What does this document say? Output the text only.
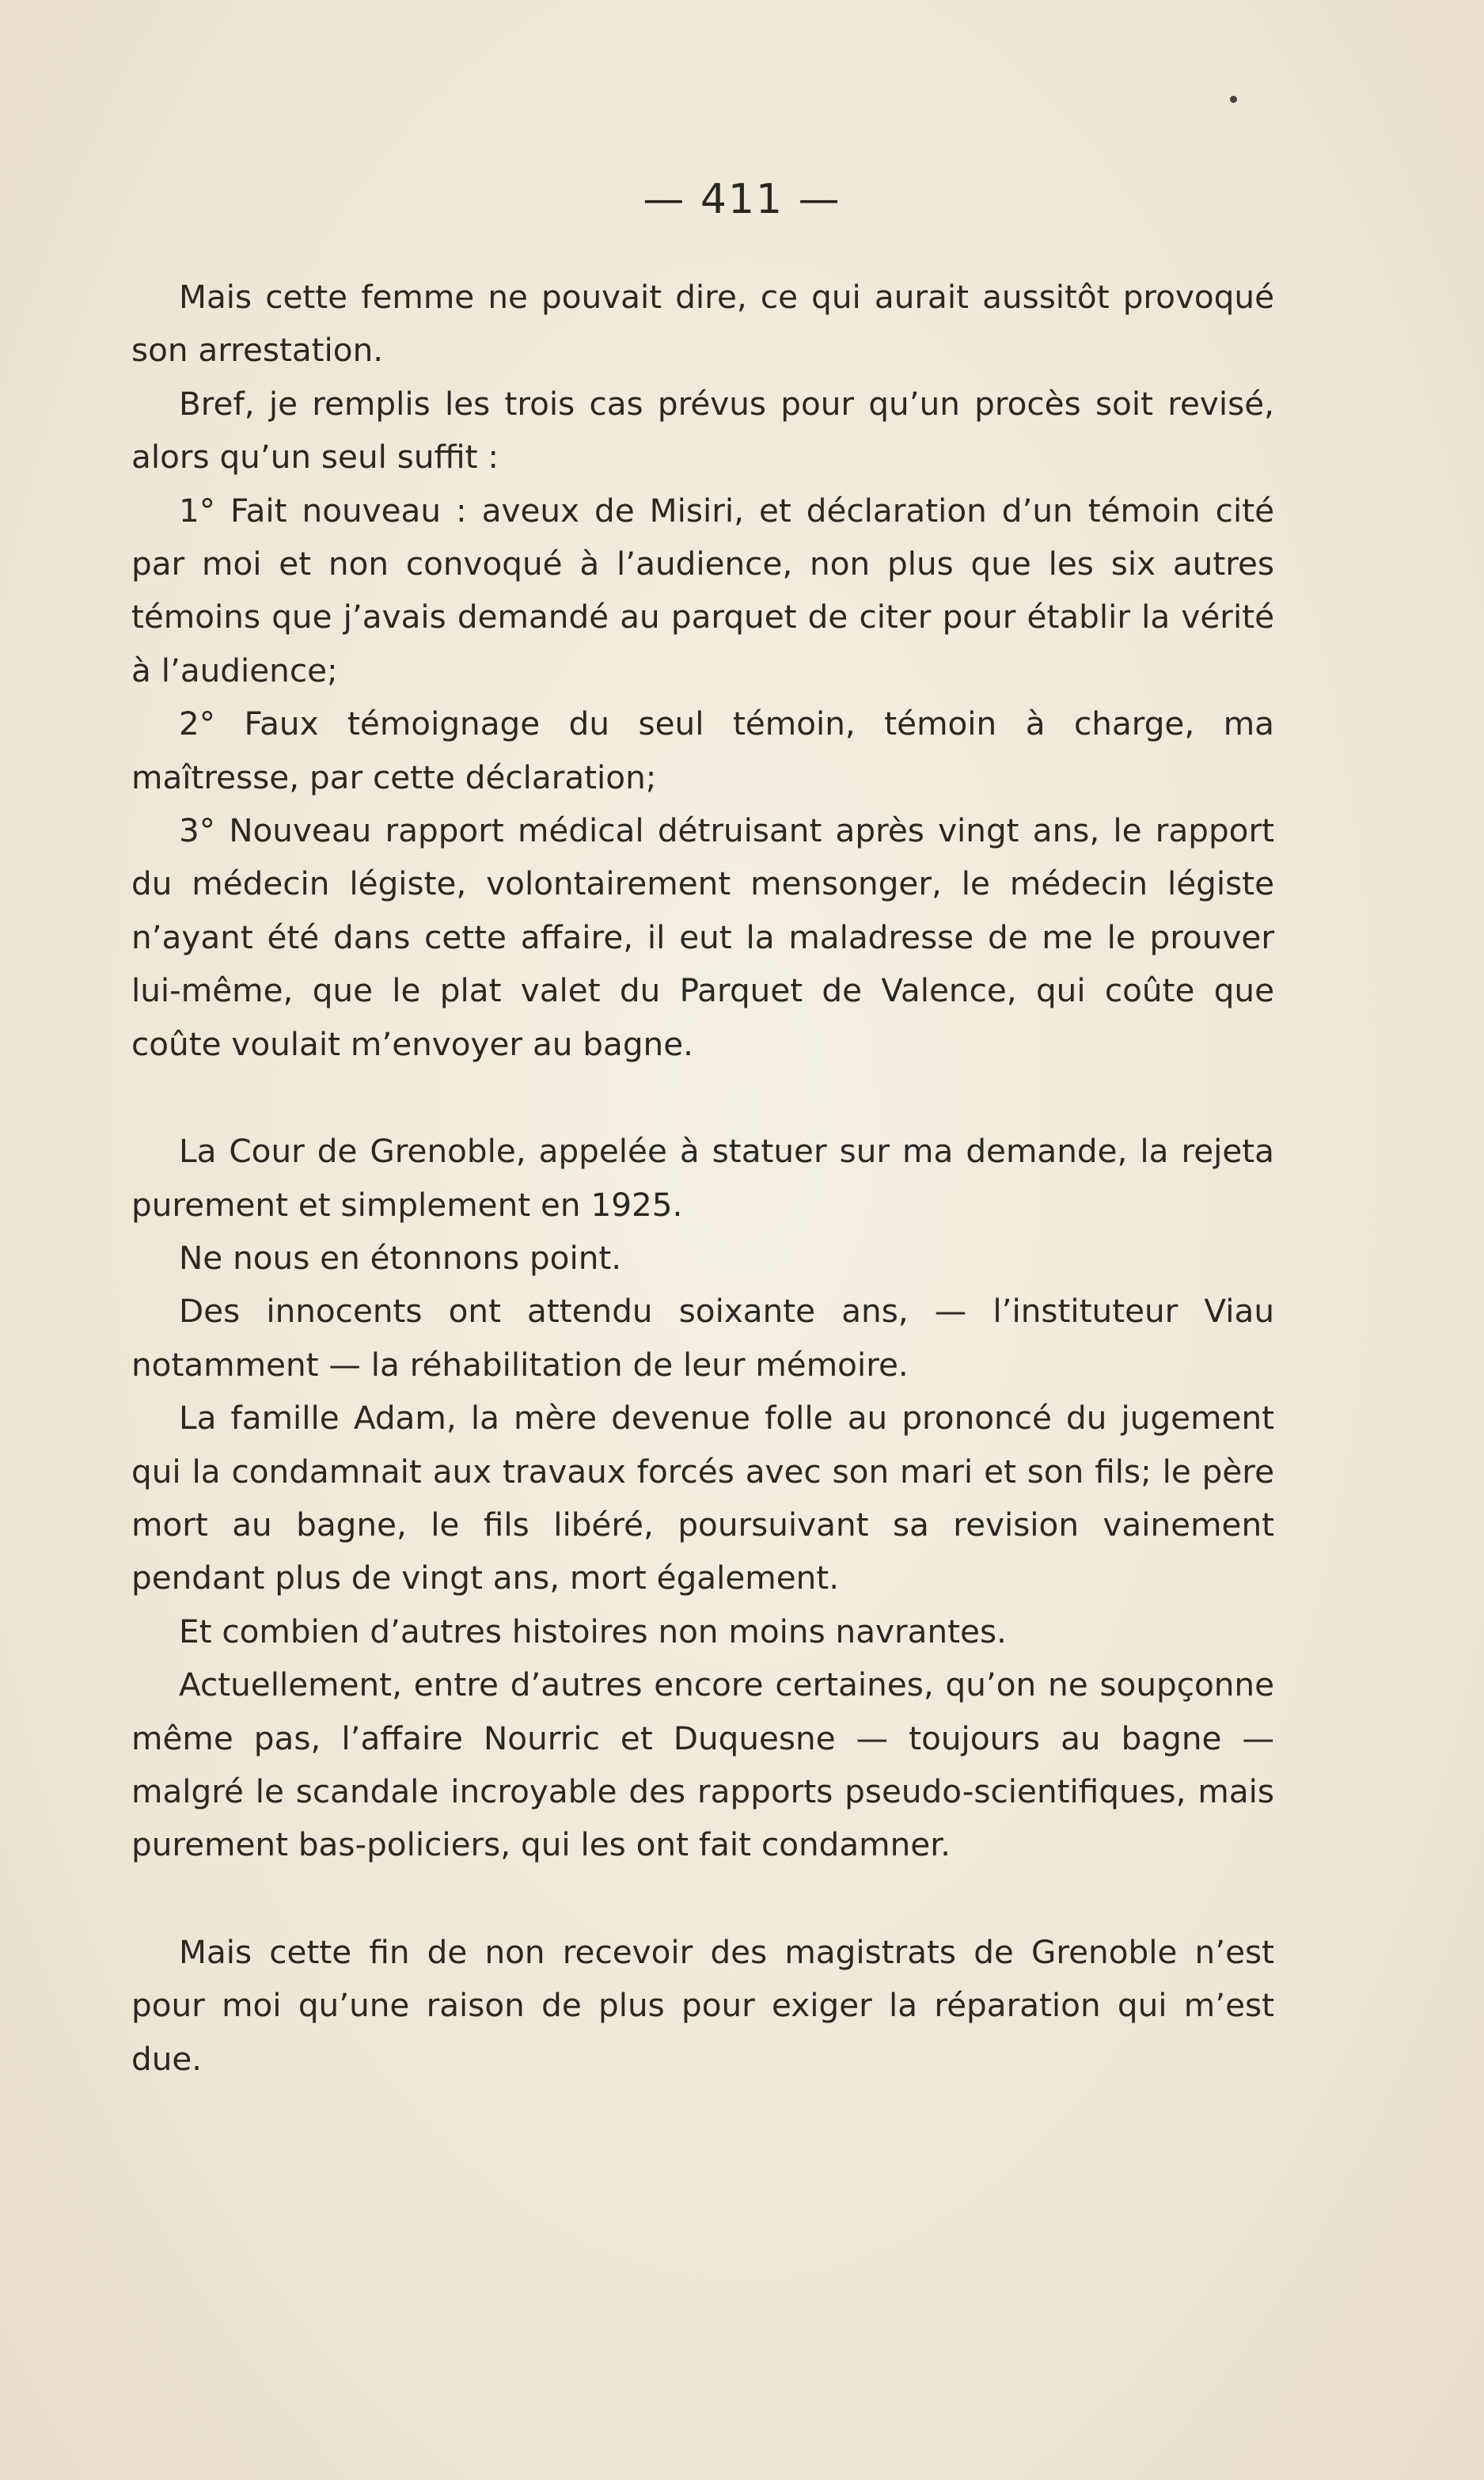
— 411 —

Mais cette femme ne pouvait dire, ce qui aurait aussitôt provoqué son arrestation.

Bref, je remplis les trois cas prévus pour qu’un procès soit revisé, alors qu’un seul suffit :

1° Fait nouveau : aveux de Misiri, et déclaration d’un témoin cité par moi et non convoqué à l’audience, non plus que les six autres témoins que j’avais demandé au parquet de citer pour établir la vérité à l’audience;

2° Faux témoignage du seul témoin, témoin à charge, ma maîtresse, par cette déclaration;

3° Nouveau rapport médical détruisant après vingt ans, le rapport du médecin légiste, volontairement mensonger, le médecin légiste n’ayant été dans cette affaire, il eut la maladresse de me le prouver lui-même, que le plat valet du Parquet de Valence, qui coûte que coûte voulait m’envoyer au bagne.

La Cour de Grenoble, appelée à statuer sur ma demande, la rejeta purement et simplement en 1925.

Ne nous en étonnons point.

Des innocents ont attendu soixante ans, — l’instituteur Viau notamment — la réhabilitation de leur mémoire.

La famille Adam, la mère devenue folle au prononcé du jugement qui la condamnait aux travaux forcés avec son mari et son fils; le père mort au bagne, le fils libéré, poursuivant sa revision vainement pendant plus de vingt ans, mort également.

Et combien d’autres histoires non moins navrantes.

Actuellement, entre d’autres encore certaines, qu’on ne soupçonne même pas, l’affaire Nourric et Duquesne — toujours au bagne — malgré le scandale incroyable des rapports pseudo-scientifiques, mais purement bas-policiers, qui les ont fait condamner.

Mais cette fin de non recevoir des magistrats de Grenoble n’est pour moi qu’une raison de plus pour exiger la réparation qui m’est due.
